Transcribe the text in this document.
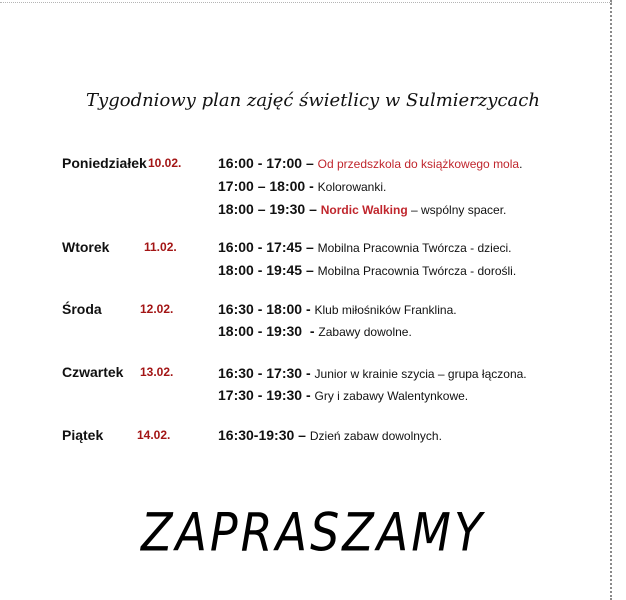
Tygodniowy plan zajęć świetlicy w Sulmierzycach
Poniedziałek 10.02.	16:00 - 17:00 – Od przedszkola do książkowego mola.
17:00 – 18:00 - Kolorowanki.
18:00 – 19:30 – Nordic Walking – wspólny spacer.
Wtorek	11.02.	16:00 - 17:45 – Mobilna Pracownia Twórcza - dzieci.
18:00 - 19:45 – Mobilna Pracownia Twórcza - dorośli.
Środa	12.02.	16:30 - 18:00 - Klub miłośników Franklina.
18:00 - 19:30  - Zabawy dowolne.
Czwartek 13.02.	16:30 - 17:30 - Junior w krainie szycia – grupa łączona.
17:30 - 19:30 - Gry i zabawy Walentynkowe.
Piątek	14.02.	16:30-19:30 – Dzień zabaw dowolnych.
ZAPRASZAMY
